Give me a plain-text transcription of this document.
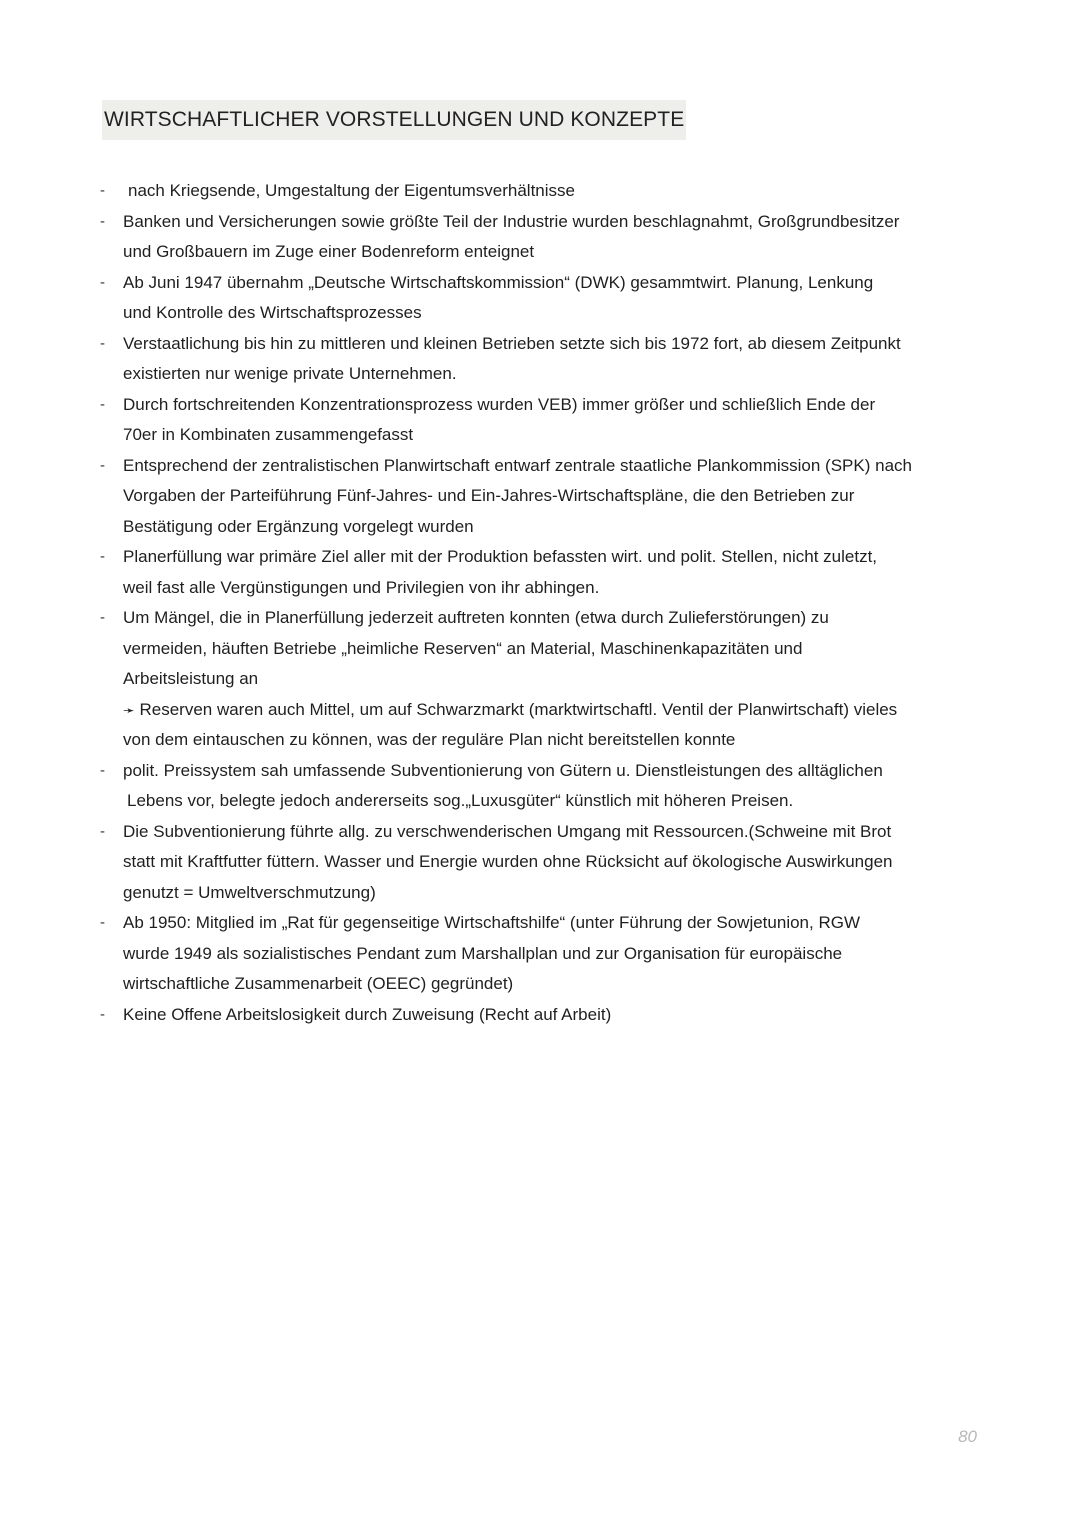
WIRTSCHAFTLICHER VORSTELLUNGEN UND KONZEPTE
-	nach Kriegsende, Umgestaltung der Eigentumsverhältnisse
-	Banken und Versicherungen sowie größte Teil der Industrie wurden beschlagnahmt, Großgrundbesitzer
und Großbauern im Zuge einer Bodenreform enteignet
-	Ab Juni 1947 übernahm „Deutsche Wirtschaftskommission“ (DWK) gesammtwirt. Planung, Lenkung
und Kontrolle des Wirtschaftsprozesses
-	Verstaatlichung bis hin zu mittleren und kleinen Betrieben setzte sich bis 1972 fort, ab diesem Zeitpunkt
existierten nur wenige private Unternehmen.
-	Durch fortschreitenden Konzentrationsprozess wurden VEB) immer größer und schließlich Ende der
70er in Kombinaten zusammengefasst
-	Entsprechend der zentralistischen Planwirtschaft entwarf zentrale staatliche Plankommission (SPK) nach
Vorgaben der Parteiführung Fünf-Jahres- und Ein-Jahres-Wirtschaftspläne, die den Betrieben zur
Bestätigung oder Ergänzung vorgelegt wurden
-	Planerfüllung war primäre Ziel aller mit der Produktion befassten wirt. und polit. Stellen, nicht zuletzt,
weil fast alle Vergünstigungen und Privilegien von ihr abhingen.
-	Um Mängel, die in Planerfüllung jederzeit auftreten konnten (etwa durch Zulieferstörungen) zu
vermeiden, häuften Betriebe „heimliche Reserven“ an Material, Maschinenkapazitäten und
Arbeitsleistung an
➛ Reserven waren auch Mittel, um auf Schwarzmarkt (marktwirtschaftl. Ventil der Planwirtschaft) vieles
von dem eintauschen zu können, was der reguläre Plan nicht bereitstellen konnte
-	polit. Preissystem sah umfassende Subventionierung von Gütern u. Dienstleistungen des alltäglichen
Lebens vor, belegte jedoch andererseits sog.„Luxusgüter“ künstlich mit höheren Preisen.
-	Die Subventionierung führte allg. zu verschwenderischen Umgang mit Ressourcen.(Schweine mit Brot
statt mit Kraftfutter füttern. Wasser und Energie wurden ohne Rücksicht auf ökologische Auswirkungen
genutzt = Umweltverschmutzung)
-	Ab 1950: Mitglied im „Rat für gegenseitige Wirtschaftshilfe“ (unter Führung der Sowjetunion, RGW
wurde 1949 als sozialistisches Pendant zum Marshallplan und zur Organisation für europäische
wirtschaftliche Zusammenarbeit (OEEC) gegründet)
-	Keine Offene Arbeitslosigkeit durch Zuweisung (Recht auf Arbeit)
80
